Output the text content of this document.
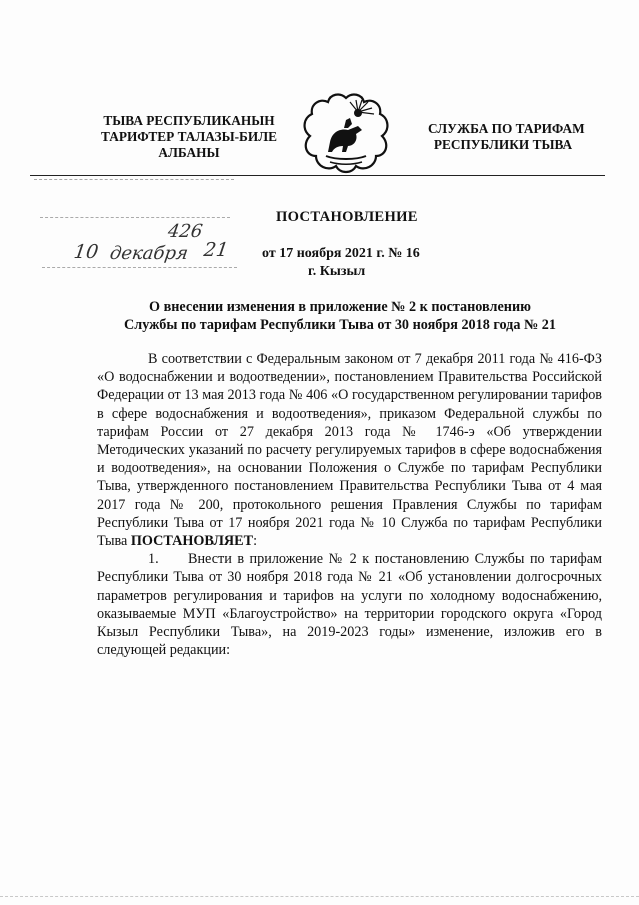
ТЫВА РЕСПУБЛИКАНЫН
ТАРИФТЕР ТАЛАЗЫ-БИЛЕ
АЛБАНЫ
СЛУЖБА ПО ТАРИФАМ
РЕСПУБЛИКИ ТЫВА
426
10 декабря 21
ПОСТАНОВЛЕНИЕ
от 17 ноября 2021 г. № 16
г. Кызыл
О внесении изменения в приложение № 2 к постановлению
Службы по тарифам Республики Тыва от 30 ноября 2018 года № 21

В соответствии с Федеральным законом от 7 декабря 2011 года № 416-ФЗ «О водоснабжении и водоотведении», постановлением Правительства Российской Федерации от 13 мая 2013 года № 406 «О государственном регулировании тарифов в сфере водоснабжения и водоотведения», приказом Федеральной службы по тарифам России от 27 декабря 2013 года № 1746-э «Об утверждении Методических указаний по расчету регулируемых тарифов в сфере водоснабжения и водоотведения», на основании Положения о Службе по тарифам Республики Тыва, утвержденного постановлением Правительства Республики Тыва от 4 мая 2017 года № 200, протокольного решения Правления Службы по тарифам Республики Тыва от 17 ноября 2021 года № 10 Служба по тарифам Республики Тыва ПОСТАНОВЛЯЕТ:

1. Внести в приложение № 2 к постановлению Службы по тарифам Республики Тыва от 30 ноября 2018 года № 21 «Об установлении долгосрочных параметров регулирования и тарифов на услуги по холодному водоснабжению, оказываемые МУП «Благоустройство» на территории городского округа «Город Кызыл Республики Тыва», на 2019-2023 годы» изменение, изложив его в следующей редакции:
